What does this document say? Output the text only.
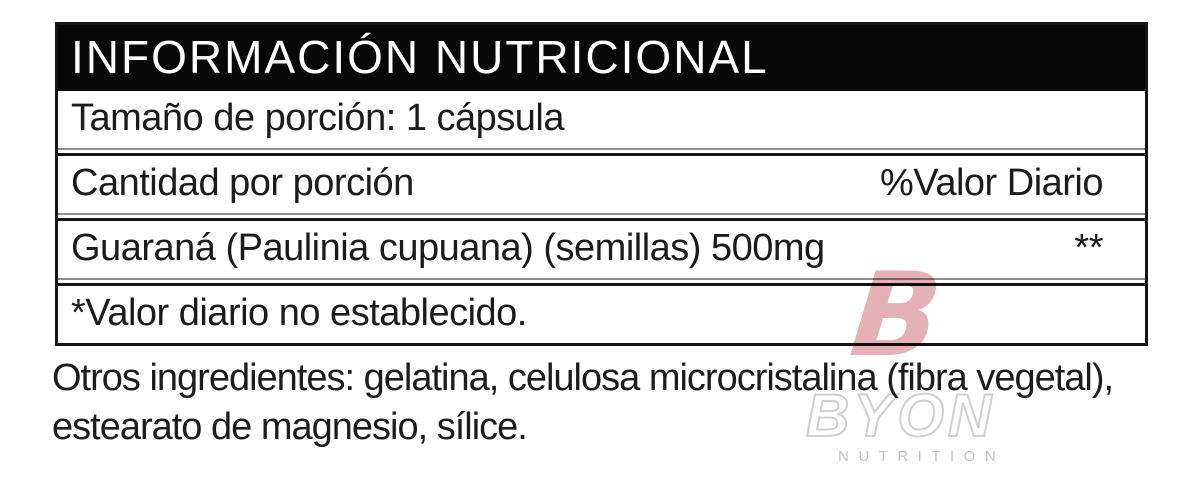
INFORMACIÓN NUTRICIONAL
Tamaño de porción: 1 cápsula
Cantidad por porción	%Valor Diario
Guaraná (Paulinia cupuana) (semillas) 500mg	**
*Valor diario no establecido.
Otros ingredientes: gelatina, celulosa microcristalina (fibra vegetal), estearato de magnesio, sílice.
B
BYON
NUTRITION
